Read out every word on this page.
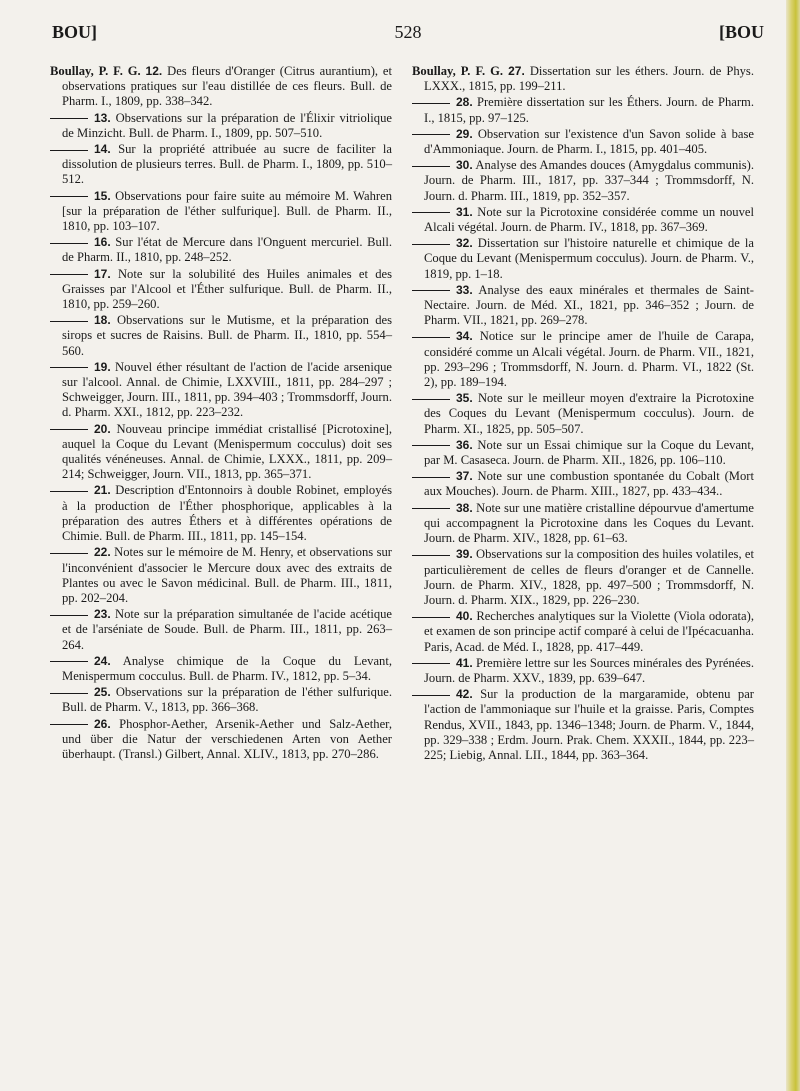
BOU]	528	[BOU

Boullay, P. F. G. 12. Des fleurs d'Oranger (Citrus aurantium), et observations pratiques sur l'eau distillée de ces fleurs. Bull. de Pharm. I., 1809, pp. 338–342.

13. Observations sur la préparation de l'Élixir vitriolique de Minzicht. Bull. de Pharm. I., 1809, pp. 507–510.

14. Sur la propriété attribuée au sucre de faciliter la dissolution de plusieurs terres. Bull. de Pharm. I., 1809, pp. 510–512.

15. Observations pour faire suite au mémoire M. Wahren [sur la préparation de l'éther sulfurique]. Bull. de Pharm. II., 1810, pp. 103–107.

16. Sur l'état de Mercure dans l'Onguent mercuriel. Bull. de Pharm. II., 1810, pp. 248–252.

17. Note sur la solubilité des Huiles animales et des Graisses par l'Alcool et l'Éther sulfurique. Bull. de Pharm. II., 1810, pp. 259–260.

18. Observations sur le Mutisme, et la préparation des sirops et sucres de Raisins. Bull. de Pharm. II., 1810, pp. 554–560.

19. Nouvel éther résultant de l'action de l'acide arsenique sur l'alcool. Annal. de Chimie, LXXVIII., 1811, pp. 284–297 ; Schweigger, Journ. III., 1811, pp. 394–403 ; Trommsdorff, Journ. d. Pharm. XXI., 1812, pp. 223–232.

20. Nouveau principe immédiat cristallisé [Picrotoxine], auquel la Coque du Levant (Menispermum cocculus) doit ses qualités vénéneuses. Annal. de Chimie, LXXX., 1811, pp. 209–214; Schweigger, Journ. VII., 1813, pp. 365–371.

21. Description d'Entonnoirs à double Robinet, employés à la production de l'Éther phosphorique, applicables à la préparation des autres Éthers et à différentes opérations de Chimie. Bull. de Pharm. III., 1811, pp. 145–154.

22. Notes sur le mémoire de M. Henry, et observations sur l'inconvénient d'associer le Mercure doux avec des extraits de Plantes ou avec le Savon médicinal. Bull. de Pharm. III., 1811, pp. 202–204.

23. Note sur la préparation simultanée de l'acide acétique et de l'arséniate de Soude. Bull. de Pharm. III., 1811, pp. 263–264.

24. Analyse chimique de la Coque du Levant, Menispermum cocculus. Bull. de Pharm. IV., 1812, pp. 5–34.

25. Observations sur la préparation de l'éther sulfurique. Bull. de Pharm. V., 1813, pp. 366–368.

26. Phosphor-Aether, Arsenik-Aether und Salz-Aether, und über die Natur der verschiedenen Arten von Aether überhaupt. (Transl.) Gilbert, Annal. XLIV., 1813, pp. 270–286.

Boullay, P. F. G. 27. Dissertation sur les éthers. Journ. de Phys. LXXX., 1815, pp. 199–211.

28. Première dissertation sur les Éthers. Journ. de Pharm. I., 1815, pp. 97–125.

29. Observation sur l'existence d'un Savon solide à base d'Ammoniaque. Journ. de Pharm. I., 1815, pp. 401–405.

30. Analyse des Amandes douces (Amygdalus communis). Journ. de Pharm. III., 1817, pp. 337–344 ; Trommsdorff, N. Journ. d. Pharm. III., 1819, pp. 352–357.

31. Note sur la Picrotoxine considérée comme un nouvel Alcali végétal. Journ. de Pharm. IV., 1818, pp. 367–369.

32. Dissertation sur l'histoire naturelle et chimique de la Coque du Levant (Menispermum cocculus). Journ. de Pharm. V., 1819, pp. 1–18.

33. Analyse des eaux minérales et thermales de Saint-Nectaire. Journ. de Méd. XI., 1821, pp. 346–352 ; Journ. de Pharm. VII., 1821, pp. 269–278.

34. Notice sur le principe amer de l'huile de Carapa, considéré comme un Alcali végétal. Journ. de Pharm. VII., 1821, pp. 293–296 ; Trommsdorff, N. Journ. d. Pharm. VI., 1822 (St. 2), pp. 189–194.

35. Note sur le meilleur moyen d'extraire la Picrotoxine des Coques du Levant (Menispermum cocculus). Journ. de Pharm. XI., 1825, pp. 505–507.

36. Note sur un Essai chimique sur la Coque du Levant, par M. Casaseca. Journ. de Pharm. XII., 1826, pp. 106–110.

37. Note sur une combustion spontanée du Cobalt (Mort aux Mouches). Journ. de Pharm. XIII., 1827, pp. 433–434..

38. Note sur une matière cristalline dépourvue d'amertume qui accompagnent la Picrotoxine dans les Coques du Levant. Journ. de Pharm. XIV., 1828, pp. 61–63.

39. Observations sur la composition des huiles volatiles, et particulièrement de celles de fleurs d'oranger et de Cannelle. Journ. de Pharm. XIV., 1828, pp. 497–500 ; Trommsdorff, N. Journ. d. Pharm. XIX., 1829, pp. 226–230.

40. Recherches analytiques sur la Violette (Viola odorata), et examen de son principe actif comparé à celui de l'Ipécacuanha. Paris, Acad. de Méd. I., 1828, pp. 417–449.

41. Première lettre sur les Sources minérales des Pyrénées. Journ. de Pharm. XXV., 1839, pp. 639–647.

42. Sur la production de la margaramide, obtenu par l'action de l'ammoniaque sur l'huile et la graisse. Paris, Comptes Rendus, XVII., 1843, pp. 1346–1348; Journ. de Pharm. V., 1844, pp. 329–338 ; Erdm. Journ. Prak. Chem. XXXII., 1844, pp. 223–225; Liebig, Annal. LII., 1844, pp. 363–364.
